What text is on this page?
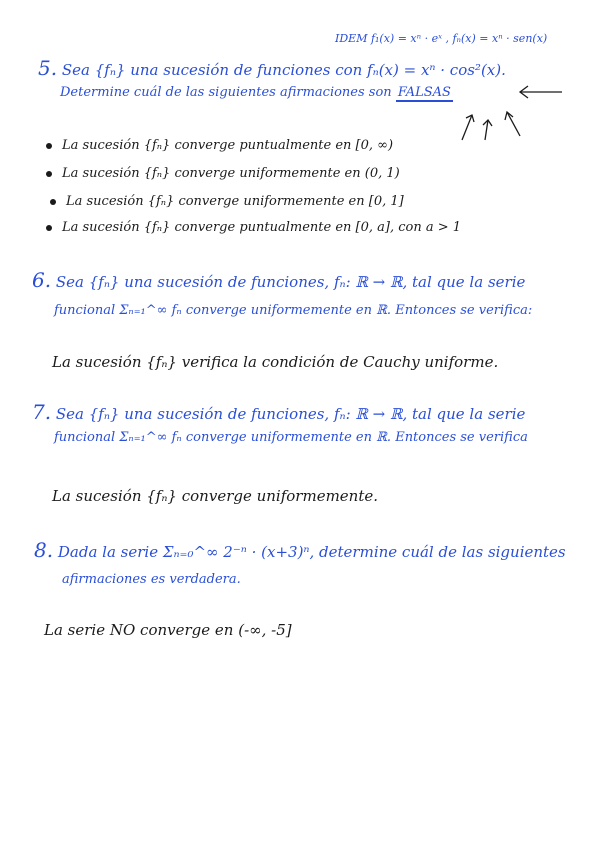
IDEM f₁(x) = xⁿ · eˣ , fₙ(x) = xⁿ · sen(x)
5. Sea {fₙ} una sucesión de funciones con fₙ(x) = xⁿ · cos²(x).
Determine cuál de las siguientes afirmaciones son FALSAS
La sucesión {fₙ} converge puntualmente en [0, ∞)
La sucesión {fₙ} converge uniformemente en (0, 1)
La sucesión {fₙ} converge uniformemente en [0, 1]
La sucesión {fₙ} converge puntualmente en [0, a], con a > 1
6. Sea {fₙ} una sucesión de funciones, fₙ: ℝ → ℝ, tal que la serie
funcional Σₙ₌₁^∞ fₙ converge uniformemente en ℝ. Entonces se verifica:
La sucesión {fₙ} verifica la condición de Cauchy uniforme.
7. Sea {fₙ} una sucesión de funciones, fₙ: ℝ → ℝ, tal que la serie
funcional Σₙ₌₁^∞ fₙ converge uniformemente en ℝ. Entonces se verifica
La sucesión {fₙ} converge uniformemente.
8. Dada la serie Σₙ₌₀^∞ 2⁻ⁿ · (x+3)ⁿ, determine cuál de las siguientes
afirmaciones es verdadera.
La serie NO converge en (-∞, -5]
